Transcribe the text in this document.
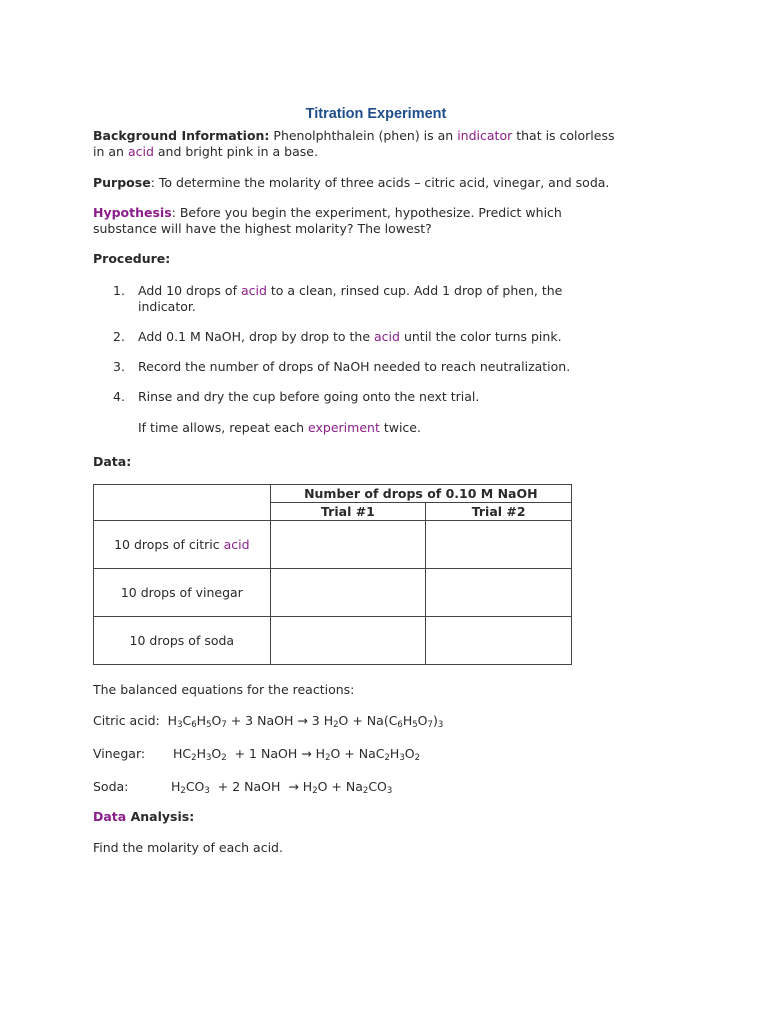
Titration Experiment

Background Information: Phenolphthalein (phen) is an indicator that is colorless

in an acid and bright pink in a base.

Purpose: To determine the molarity of three acids – citric acid, vinegar, and soda.

Hypothesis: Before you begin the experiment, hypothesize. Predict which

substance will have the highest molarity? The lowest?

Procedure:
1. Add 10 drops of acid to a clean, rinsed cup. Add 1 drop of phen, the
indicator.
2. Add 0.1 M NaOH, drop by drop to the acid until the color turns pink.
3. Record the number of drops of NaOH needed to reach neutralization.
4. Rinse and dry the cup before going onto the next trial.
If time allows, repeat each experiment twice.
Data:
	Number of drops of 0.10 M NaOH	
	Trial #1	Trial #2
10 drops of citric acid		
10 drops of vinegar		
10 drops of soda		
The balanced equations for the reactions:
Citric acid:  $H_3C_6H_5O_7 + 3$ NaOH → 3 $H_2O + Na(C_6H_5O_7)_3$
Vinegar: $HC_2H_3O_2 + 1$ NaOH → $H_2O + NaC_2H_3O_2$
Soda:	$H_2CO_3 + 2$ NaOH  → $H_2O + Na_2CO_3$
Data Analysis:
Find the molarity of each acid.
